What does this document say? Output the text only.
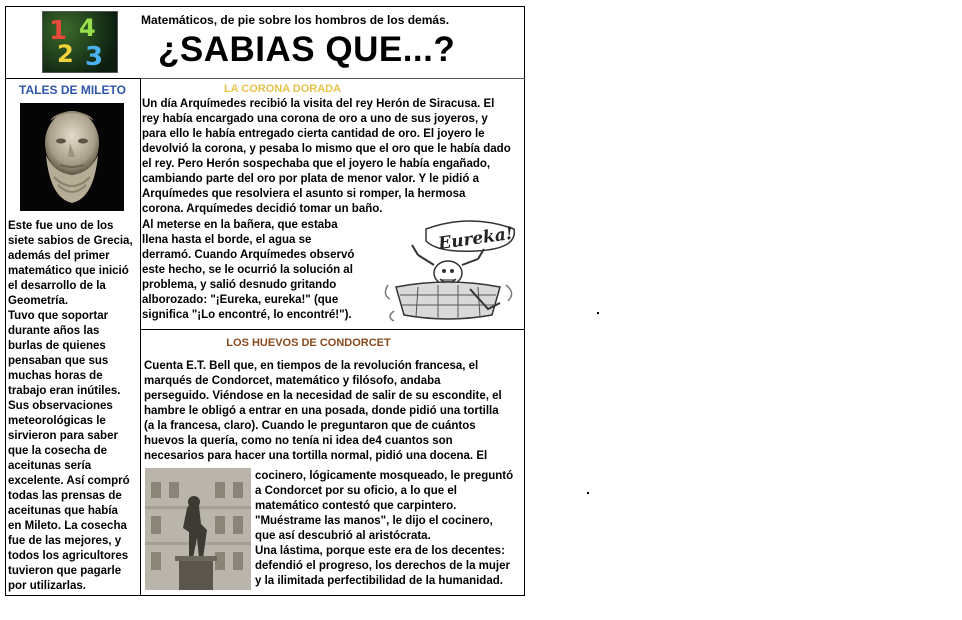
1 4
2 3
Matemáticos, de pie sobre los hombros de los demás.
¿SABIAS QUE...?
TALES DE MILETO
Este fue uno de los
siete sabios de Grecia,
además del primer
matemático que inició
el desarrollo de la
Geometría.
Tuvo que soportar
durante años las
burlas de quienes
pensaban que sus
muchas horas de
trabajo eran inútiles.
Sus observaciones
meteorológicas le
sirvieron para saber
que la cosecha de
aceitunas sería
excelente. Así compró
todas las prensas de
aceitunas que había
en Mileto. La cosecha
fue de las mejores, y
todos los agricultores
tuvieron que pagarle
por utilizarlas.
LA CORONA DORADA
Un día Arquímedes recibió la visita del rey Herón de Siracusa. El
rey había encargado una corona de oro a uno de sus joyeros, y
para ello le había entregado cierta cantidad de oro. El joyero le
devolvió la corona, y pesaba lo mismo que el oro que le había dado
el rey. Pero Herón sospechaba que el joyero le había engañado,
cambiando parte del oro por plata de menor valor. Y le pidió a
Arquímedes que resolviera el asunto si romper, la hermosa
corona. Arquímedes decidió tomar un baño.
Al meterse en la bañera, que estaba
llena hasta el borde, el agua se
derramó. Cuando Arquímedes observó
este hecho, se le ocurrió la solución al
problema, y salió desnudo gritando
alborozado: "¡Eureka, eureka!" (que
significa "¡Lo encontré, lo encontré!").
Eureka!
LOS HUEVOS DE CONDORCET
Cuenta E.T. Bell que, en tiempos de la revolución francesa, el
marqués de Condorcet, matemático y filósofo, andaba
perseguido. Viéndose en la necesidad de salir de su escondite, el
hambre le obligó a entrar en una posada, donde pidió una tortilla
(a la francesa, claro). Cuando le preguntaron que de cuántos
huevos la quería, como no tenía ni idea de4 cuantos son
necesarios para hacer una tortilla normal, pidió una docena. El
cocinero, lógicamente mosqueado, le preguntó
a Condorcet por su oficio, a lo que el
matemático contestó que carpintero.
"Muéstrame las manos", le dijo el cocinero,
que así descubrió al aristócrata.
Una lástima, porque este era de los decentes:
defendió el progreso, los derechos de la mujer
y la ilimitada perfectibilidad de la humanidad.
